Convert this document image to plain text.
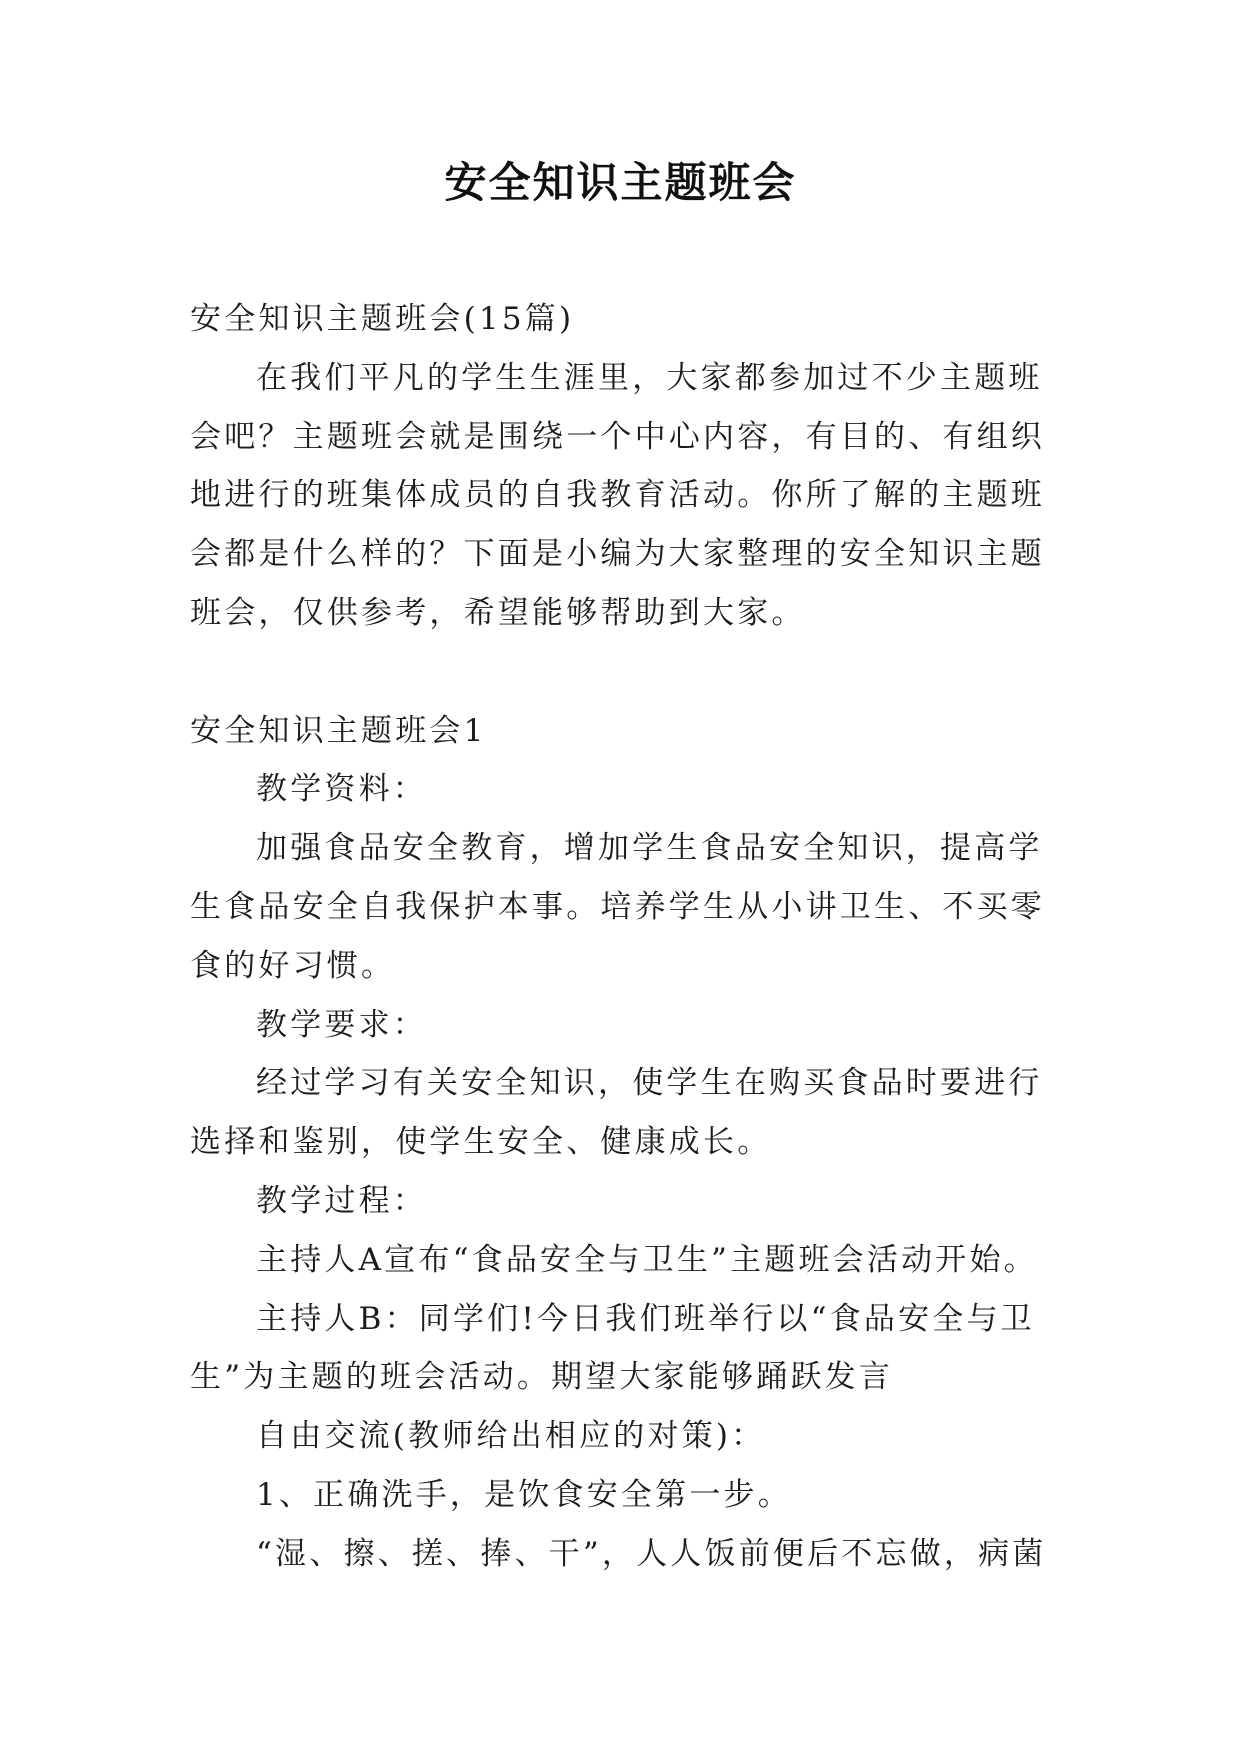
安全知识主题班会

安全知识主题班会(15篇)

在我们平凡的学生生涯里，大家都参加过不少主题班会吧？主题班会就是围绕一个中心内容，有目的、有组织地进行的班集体成员的自我教育活动。你所了解的主题班会都是什么样的？下面是小编为大家整理的安全知识主题班会，仅供参考，希望能够帮助到大家。

安全知识主题班会1

教学资料：

加强食品安全教育，增加学生食品安全知识，提高学生食品安全自我保护本事。培养学生从小讲卫生、不买零食的好习惯。

教学要求：

经过学习有关安全知识，使学生在购买食品时要进行选择和鉴别，使学生安全、健康成长。

教学过程：

主持人A宣布“食品安全与卫生”主题班会活动开始。

主持人B：同学们!今日我们班举行以“食品安全与卫生”为主题的班会活动。期望大家能够踊跃发言

自由交流(教师给出相应的对策)：

1、正确洗手，是饮食安全第一步。

“湿、擦、搓、捧、干”，人人饭前便后不忘做，病菌
